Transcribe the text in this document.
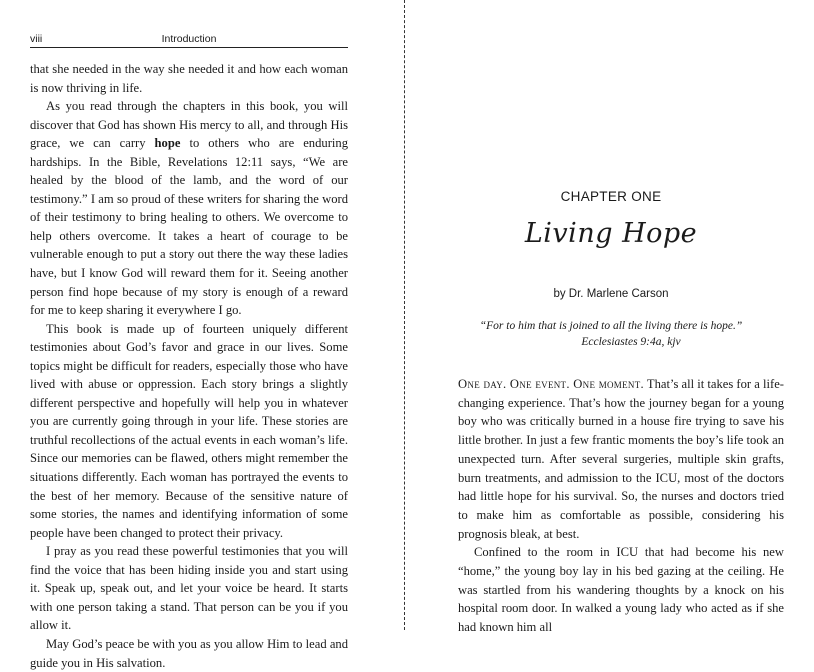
viii	Introduction

that she needed in the way she needed it and how each woman is now thriving in life.

As you read through the chapters in this book, you will discover that God has shown His mercy to all, and through His grace, we can carry hope to others who are enduring hardships. In the Bible, Revelations 12:11 says, “We are healed by the blood of the lamb, and the word of our testimony.” I am so proud of these writers for sharing the word of their testimony to bring healing to others. We overcome to help others overcome. It takes a heart of courage to be vulnerable enough to put a story out there the way these ladies have, but I know God will reward them for it. Seeing another person find hope because of my story is enough of a reward for me to keep sharing it everywhere I go.

This book is made up of fourteen uniquely different testimonies about God’s favor and grace in our lives. Some topics might be difficult for readers, especially those who have lived with abuse or oppression. Each story brings a slightly different perspective and hopefully will help you in whatever you are currently going through in your life. These stories are truthful recollections of the actual events in each woman’s life. Since our memories can be flawed, others might remember the situations differently. Each woman has portrayed the events to the best of her memory. Because of the sensitive nature of some stories, the names and identifying information of some people have been changed to protect their privacy.

I pray as you read these powerful testimonies that you will find the voice that has been hiding inside you and start using it. Speak up, speak out, and let your voice be heard. It starts with one person taking a stand. That person can be you if you allow it.

May God’s peace be with you as you allow Him to lead and guide you in His salvation.

CHAPTER ONE
Living Hope
by Dr. Marlene Carson
“For to him that is joined to all the living there is hope.”
Ecclesiastes 9:4a, kjv

One day. One event. One moment. That’s all it takes for a life-changing experience. That’s how the journey began for a young boy who was critically burned in a house fire trying to save his little brother. In just a few frantic moments the boy’s life took an unexpected turn. After several surgeries, multiple skin grafts, burn treatments, and admission to the ICU, most of the doctors had little hope for his survival. So, the nurses and doctors tried to make him as comfortable as possible, considering his prognosis bleak, at best.

Confined to the room in ICU that had become his new “home,” the young boy lay in his bed gazing at the ceiling. He was startled from his wandering thoughts by a knock on his hospital room door. In walked a young lady who acted as if she had known him all
